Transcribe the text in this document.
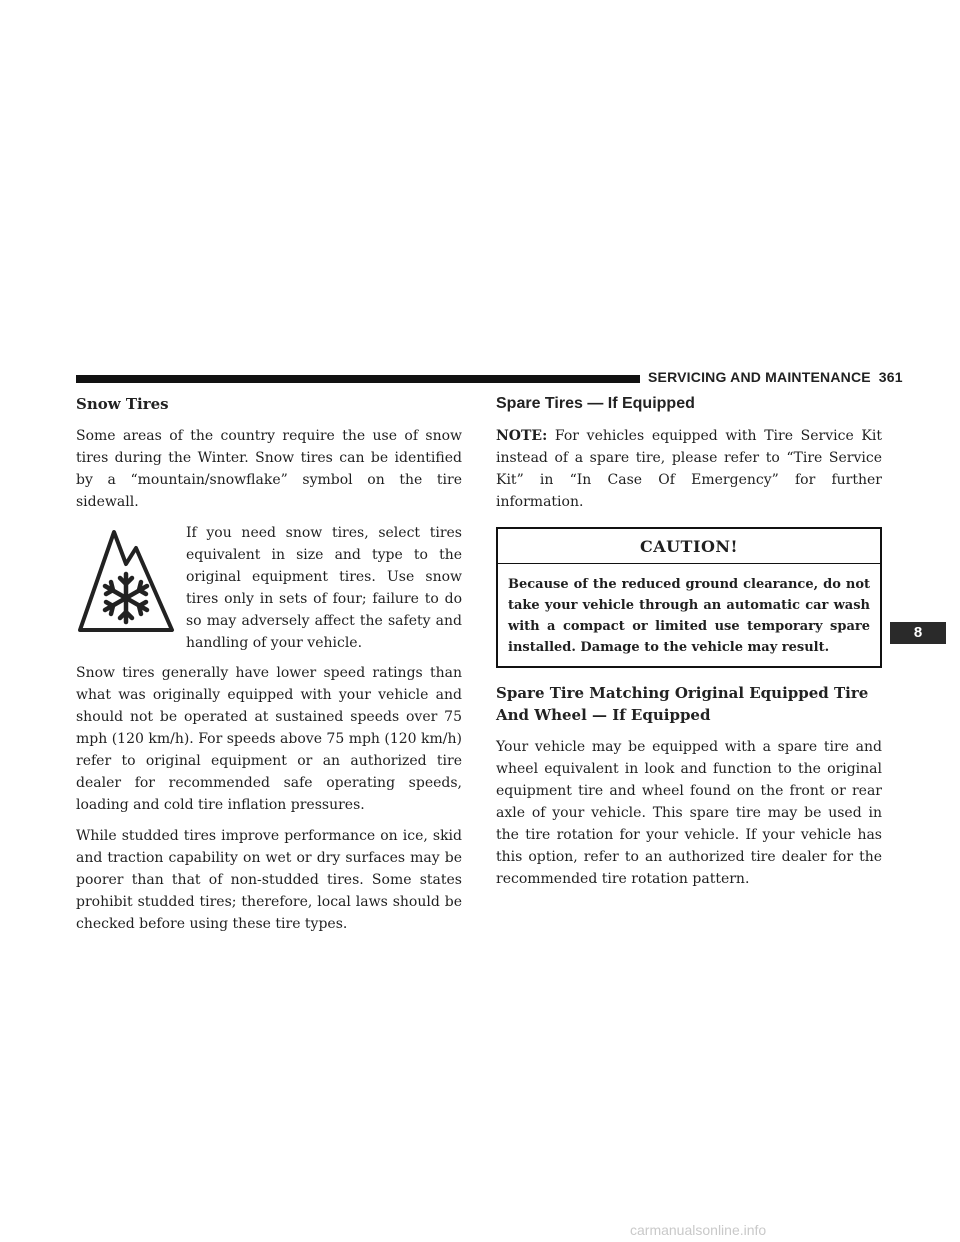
SERVICING AND MAINTENANCE 361
Snow Tires

Some areas of the country require the use of snow tires during the Winter. Snow tires can be identified by a “mountain/snowflake” symbol on the tire sidewall.

If you need snow tires, select tires equivalent in size and type to the original equipment tires. Use snow tires only in sets of four; failure to do so may adversely affect the safety and handling of your vehicle.

Snow tires generally have lower speed ratings than what was originally equipped with your vehicle and should not be operated at sustained speeds over 75 mph (120 km/h). For speeds above 75 mph (120 km/h) refer to original equipment or an authorized tire dealer for recommended safe operating speeds, loading and cold tire inflation pressures.

While studded tires improve performance on ice, skid and traction capability on wet or dry surfaces may be poorer than that of non-studded tires. Some states prohibit studded tires; therefore, local laws should be checked before using these tire types.

Spare Tires — If Equipped

NOTE: For vehicles equipped with Tire Service Kit instead of a spare tire, please refer to “Tire Service Kit” in “In Case Of Emergency” for further information.

CAUTION!
Because of the reduced ground clearance, do not take your vehicle through an automatic car wash with a compact or limited use temporary spare installed. Damage to the vehicle may result.
Spare Tire Matching Original Equipped Tire And Wheel — If Equipped

Your vehicle may be equipped with a spare tire and wheel equivalent in look and function to the original equipment tire and wheel found on the front or rear axle of your vehicle. This spare tire may be used in the tire rotation for your vehicle. If your vehicle has this option, refer to an authorized tire dealer for the recommended tire rotation pattern.

8
carmanualsonline.info
